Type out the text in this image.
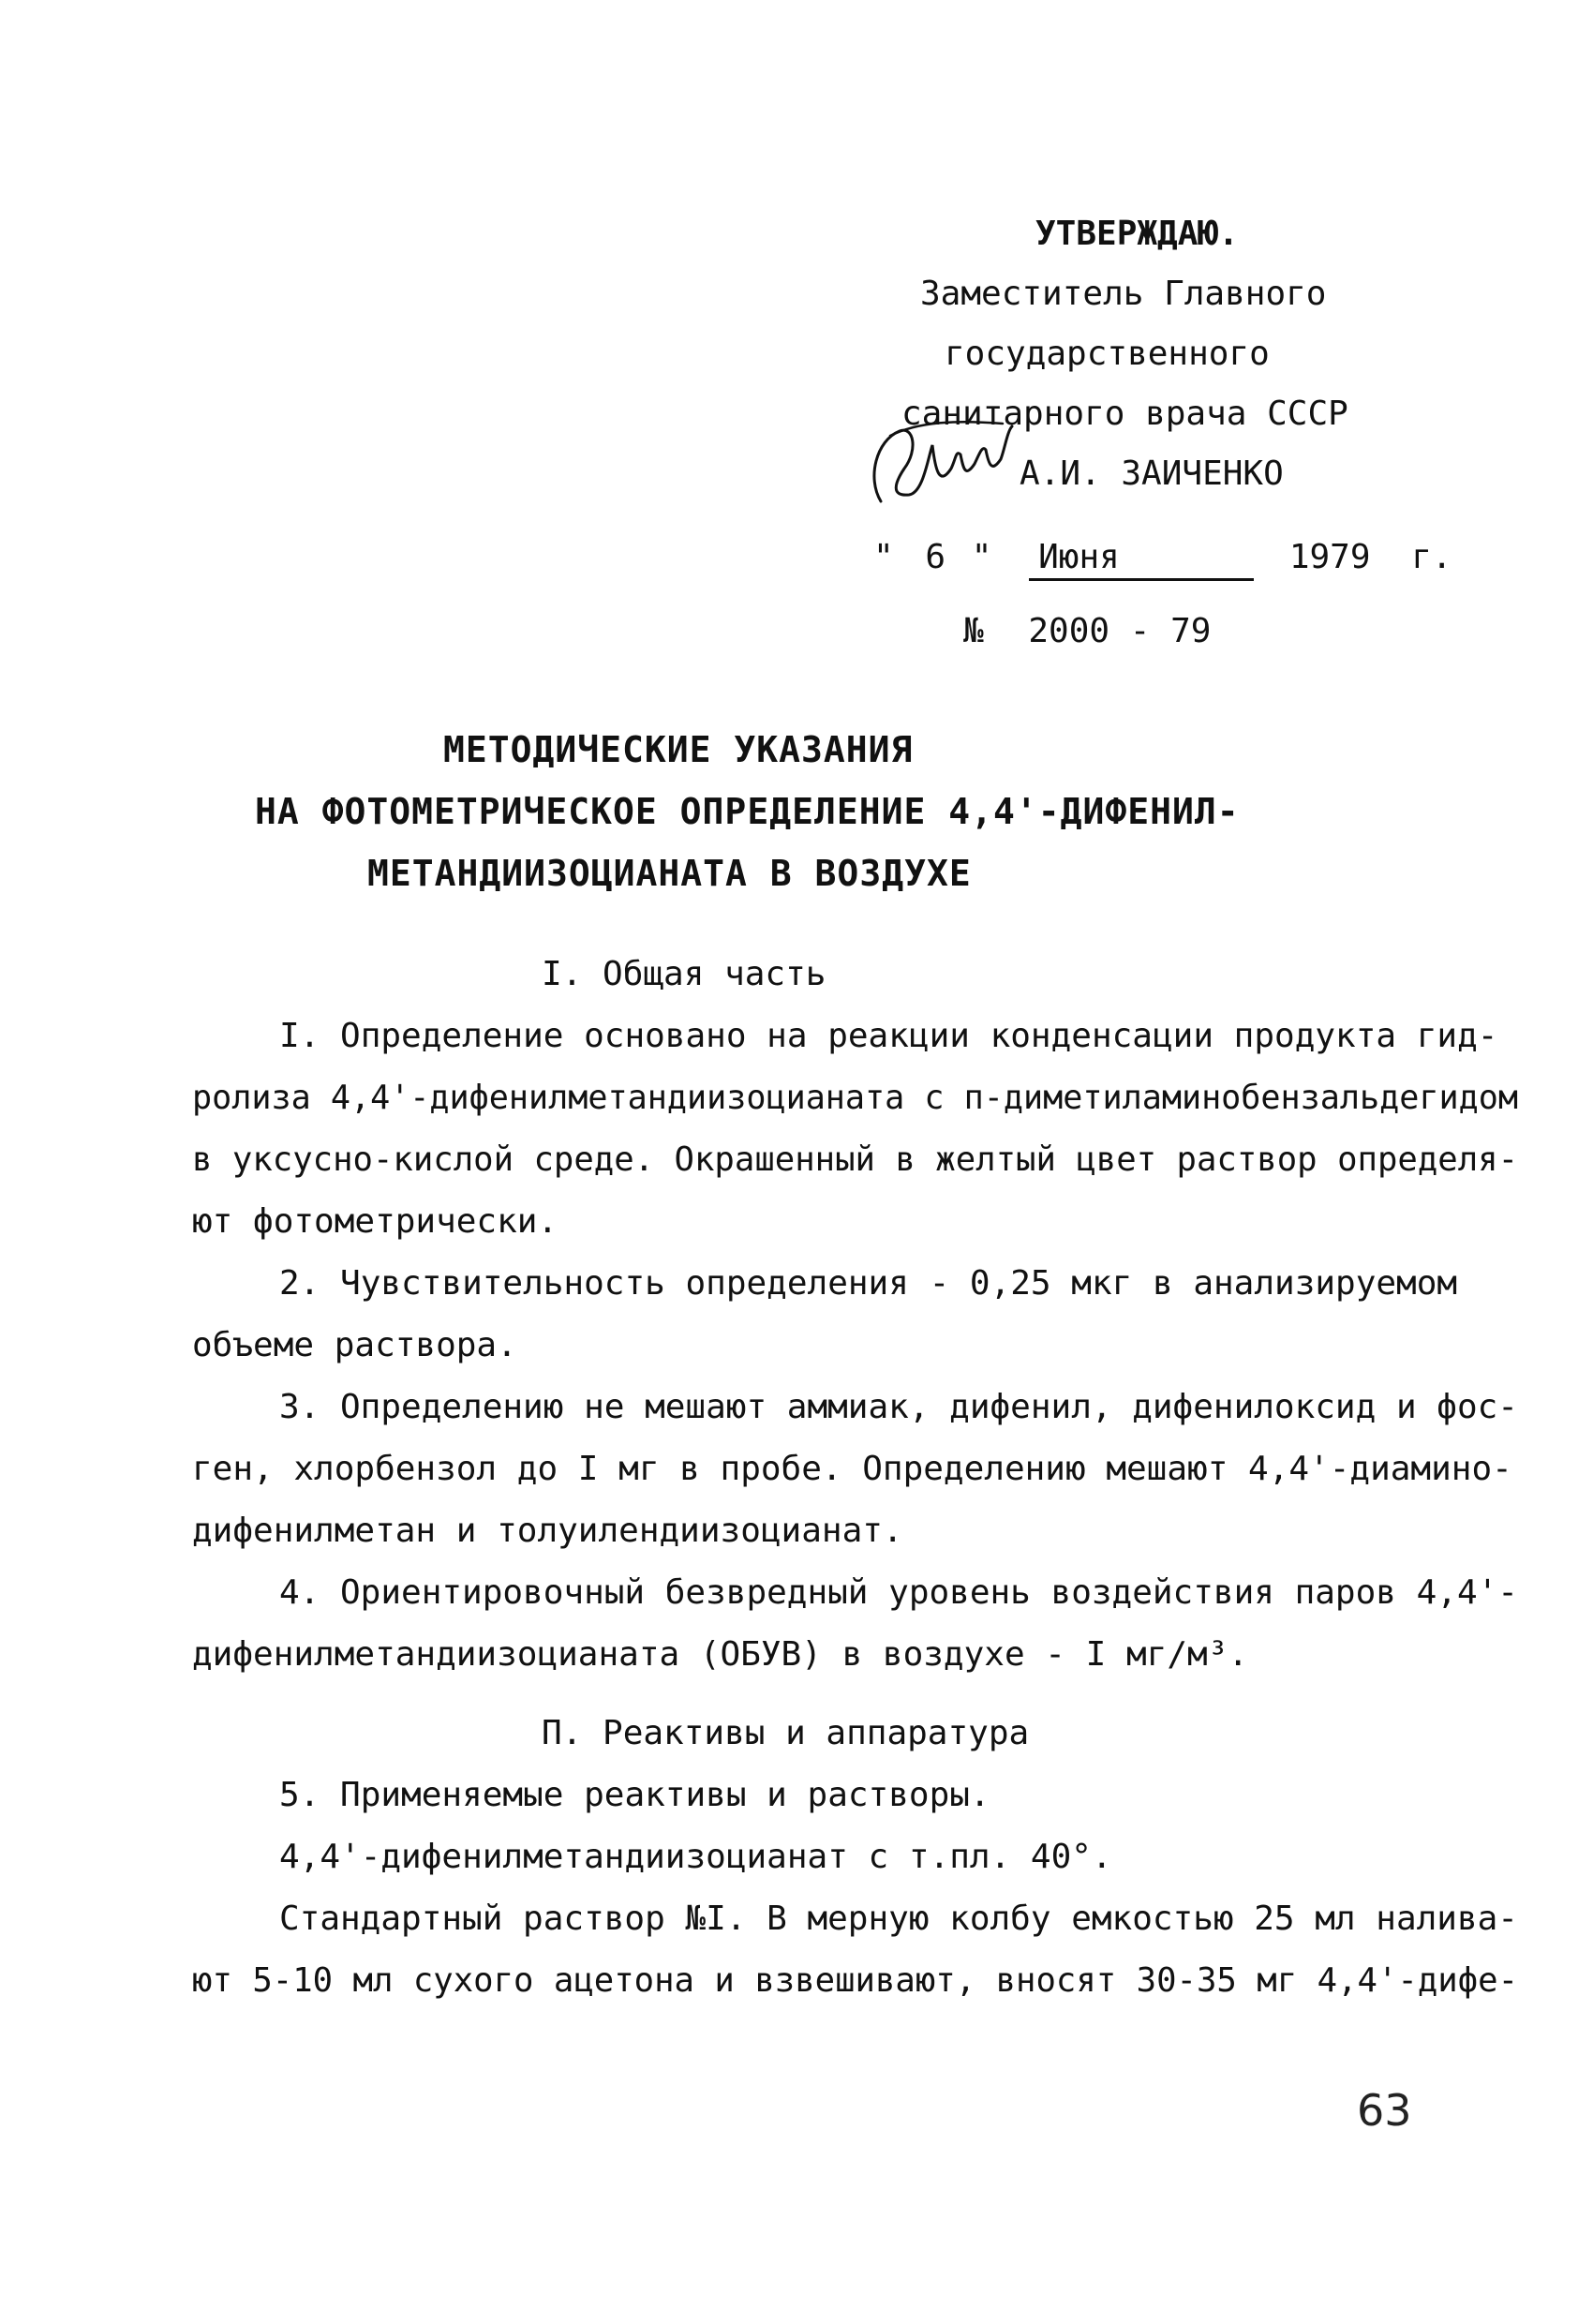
УТВЕРЖДАЮ.
Заместитель Главного
государственного
санитарного врача СССР
А.И. ЗАИЧЕНКО
" 6 " Июня	1979 г.
№ 2000 - 79
МЕТОДИЧЕСКИЕ УКАЗАНИЯ
НА ФОТОМЕТРИЧЕСКОЕ ОПРЕДЕЛЕНИЕ 4,4'-ДИФЕНИЛ-
МЕТАНДИИЗОЦИАНАТА В ВОЗДУХЕ
I. Общая часть
I. Определение основано на реакции конденсации продукта гид-
ролиза 4,4'-дифенилметандиизоцианата с п-диметиламинобензальдегидом
в уксусно-кислой среде. Окрашенный в желтый цвет раствор определя-
ют фотометрически.
2. Чувствительность определения - 0,25 мкг в анализируемом
объеме раствора.
3. Определению не мешают аммиак, дифенил, дифенилоксид и фос-
ген, хлорбензол до I мг в пробе. Определению мешают 4,4'-диамино-
дифенилметан и толуилендиизоцианат.
4. Ориентировочный безвредный уровень воздействия паров 4,4'-
дифенилметандиизоцианата (ОБУВ) в воздухе - I мг/м³.
П. Реактивы и аппаратура
5. Применяемые реактивы и растворы.
4,4'-дифенилметандиизоцианат с т.пл. 40°.
Стандартный раствор №I. В мерную колбу емкостью 25 мл налива-
ют 5-10 мл сухого ацетона и взвешивают, вносят 30-35 мг 4,4'-дифе-
63
